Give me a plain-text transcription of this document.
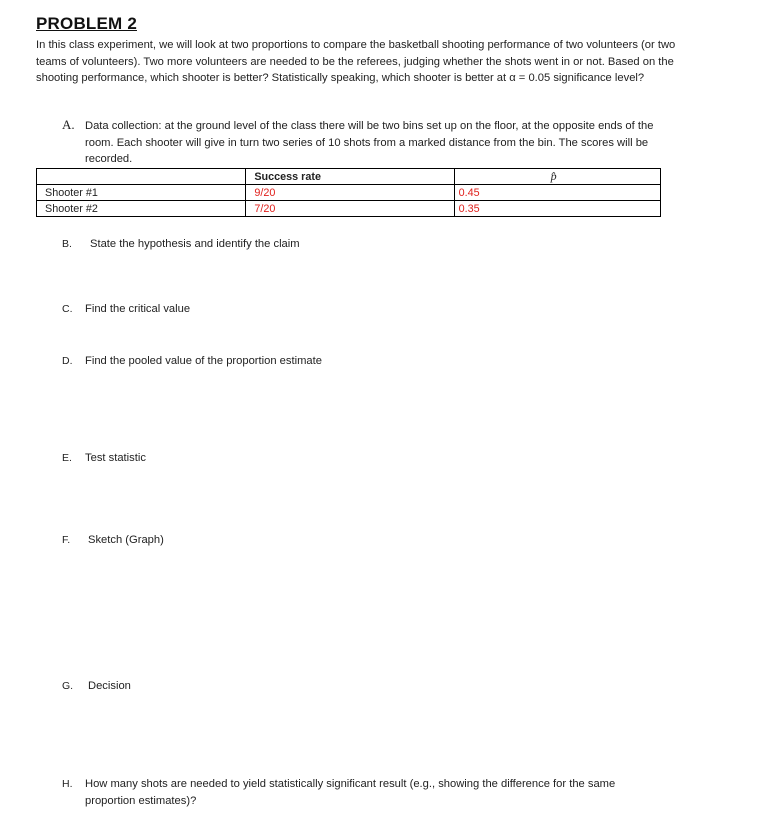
PROBLEM 2
In this class experiment, we will look at two proportions to compare the basketball shooting performance of two volunteers (or two teams of volunteers). Two more volunteers are needed to be the referees, judging whether the shots went in or not. Based on the shooting performance, which shooter is better? Statistically speaking, which shooter is better at α = 0.05 significance level?
A. Data collection: at the ground level of the class there will be two bins set up on the floor, at the opposite ends of the room. Each shooter will give in turn two series of 10 shots from a marked distance from the bin. The scores will be recorded.
	Success rate	p̂
Shooter #1	9/20	0.45
Shooter #2	7/20	0.35
B. State the hypothesis and identify the claim
C. Find the critical value
D. Find the pooled value of the proportion estimate
E. Test statistic
F. Sketch (Graph)
G. Decision
H. How many shots are needed to yield statistically significant result (e.g., showing the difference for the same proportion estimates)?
